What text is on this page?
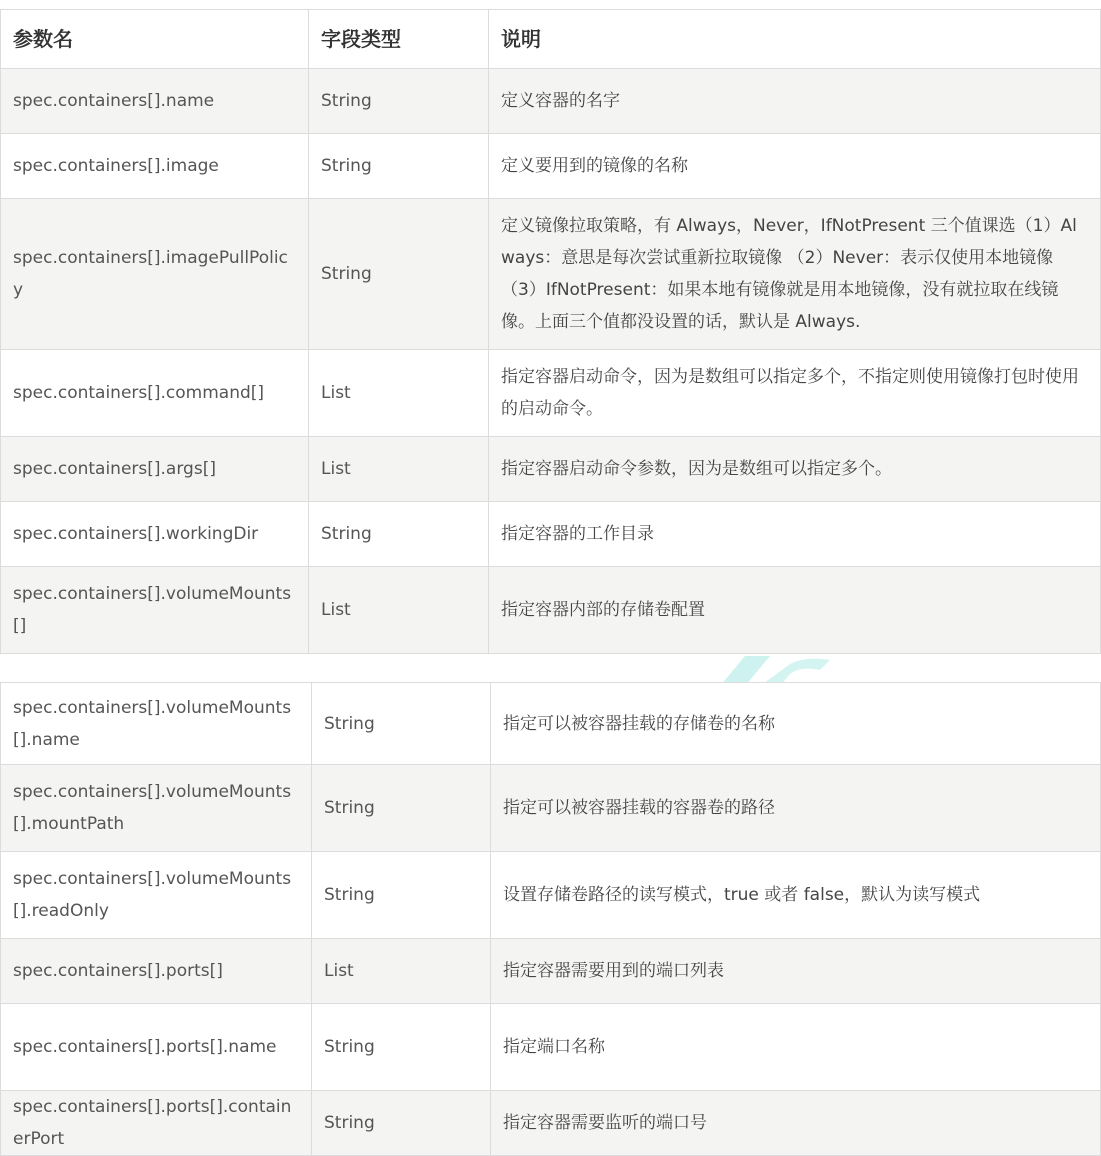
参数名	字段类型	说明
spec.containers[].name	String	定义容器的名字
spec.containers[].image	String	定义要用到的镜像的名称
spec.containers[].imagePullPolicy	String	定义镜像拉取策略，有 Always，Never，IfNotPresent 三个值课选（1）Always：意思是每次尝试重新拉取镜像 （2）Never：表示仅使用本地镜像 （3）IfNotPresent：如果本地有镜像就是用本地镜像，没有就拉取在线镜像。上面三个值都没设置的话，默认是 Always.
spec.containers[].command[]	List	指定容器启动命令，因为是数组可以指定多个，不指定则使用镜像打包时使用的启动命令。
spec.containers[].args[]	List	指定容器启动命令参数，因为是数组可以指定多个。
spec.containers[].workingDir	String	指定容器的工作目录
spec.containers[].volumeMounts[]	List	指定容器内部的存储卷配置
spec.containers[].volumeMounts[].name	String	指定可以被容器挂载的存储卷的名称
spec.containers[].volumeMounts[].mountPath	String	指定可以被容器挂载的容器卷的路径
spec.containers[].volumeMounts[].readOnly	String	设置存储卷路径的读写模式，true 或者 false，默认为读写模式
spec.containers[].ports[]	List	指定容器需要用到的端口列表
spec.containers[].ports[].name	String	指定端口名称
spec.containers[].ports[].containerPort	String	指定容器需要监听的端口号
